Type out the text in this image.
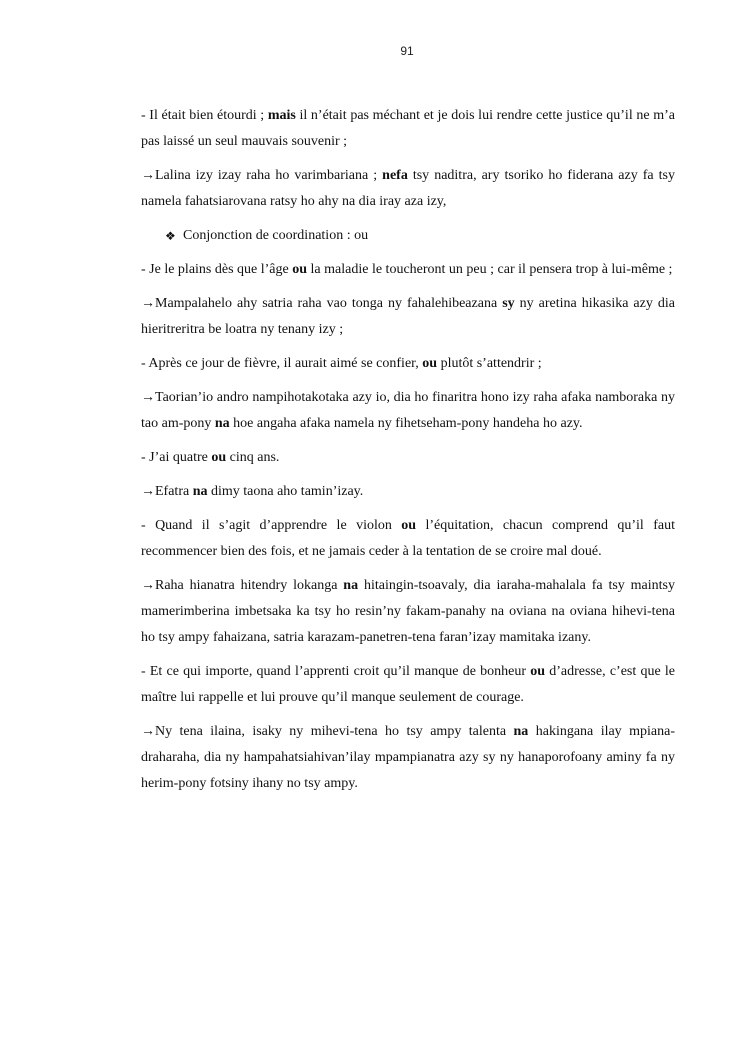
91

- Il était bien étourdi ; mais il n’était pas méchant et je dois lui rendre cette justice qu’il ne m’a pas laissé un seul mauvais souvenir ;

→Lalina izy izay raha ho varimbariana ; nefa tsy naditra, ary tsoriko ho fiderana azy fa tsy namela fahatsiarovana ratsy ho ahy na dia iray aza izy,

❖ Conjonction de coordination : ou

- Je le plains dès que l’âge ou la maladie le toucheront un peu ; car il pensera trop à lui-même ;

→Mampalahelo ahy satria raha vao tonga ny fahalehibeazana sy ny aretina hikasika azy dia hieritreritra be loatra ny tenany izy ;

- Après ce jour de fièvre, il aurait aimé se confier, ou plutôt s’attendrir ;

→Taorian’io andro nampihotakotaka azy io, dia ho finaritra hono izy raha afaka namboraka ny tao am-pony na hoe angaha afaka namela ny fihetseham-pony handeha ho azy.

- J’ai quatre ou cinq ans.

→Efatra na dimy taona aho tamin’izay.

- Quand il s’agit d’apprendre le violon ou l’équitation, chacun comprend qu’il faut recommencer bien des fois, et ne jamais ceder à la tentation de se croire mal doué.

→Raha hianatra hitendry lokanga na hitaingin-tsoavaly, dia iaraha-mahalala fa tsy maintsy mamerimberina imbetsaka ka tsy ho resin’ny fakam-panahy na oviana na oviana hihevi-tena ho tsy ampy fahaizana, satria karazam-panetren-tena faran’izay mamitaka izany.

- Et ce qui importe, quand l’apprenti croit qu’il manque de bonheur ou d’adresse, c’est que le maître lui rappelle et lui prouve qu’il manque seulement de courage.

→Ny tena ilaina, isaky ny mihevi-tena ho tsy ampy talenta na hakingana ilay mpiana-draharaha, dia ny hampahatsiahivan’ilay mpampianatra azy sy ny hanaporofoany aminy fa ny herim-pony fotsiny ihany no tsy ampy.
